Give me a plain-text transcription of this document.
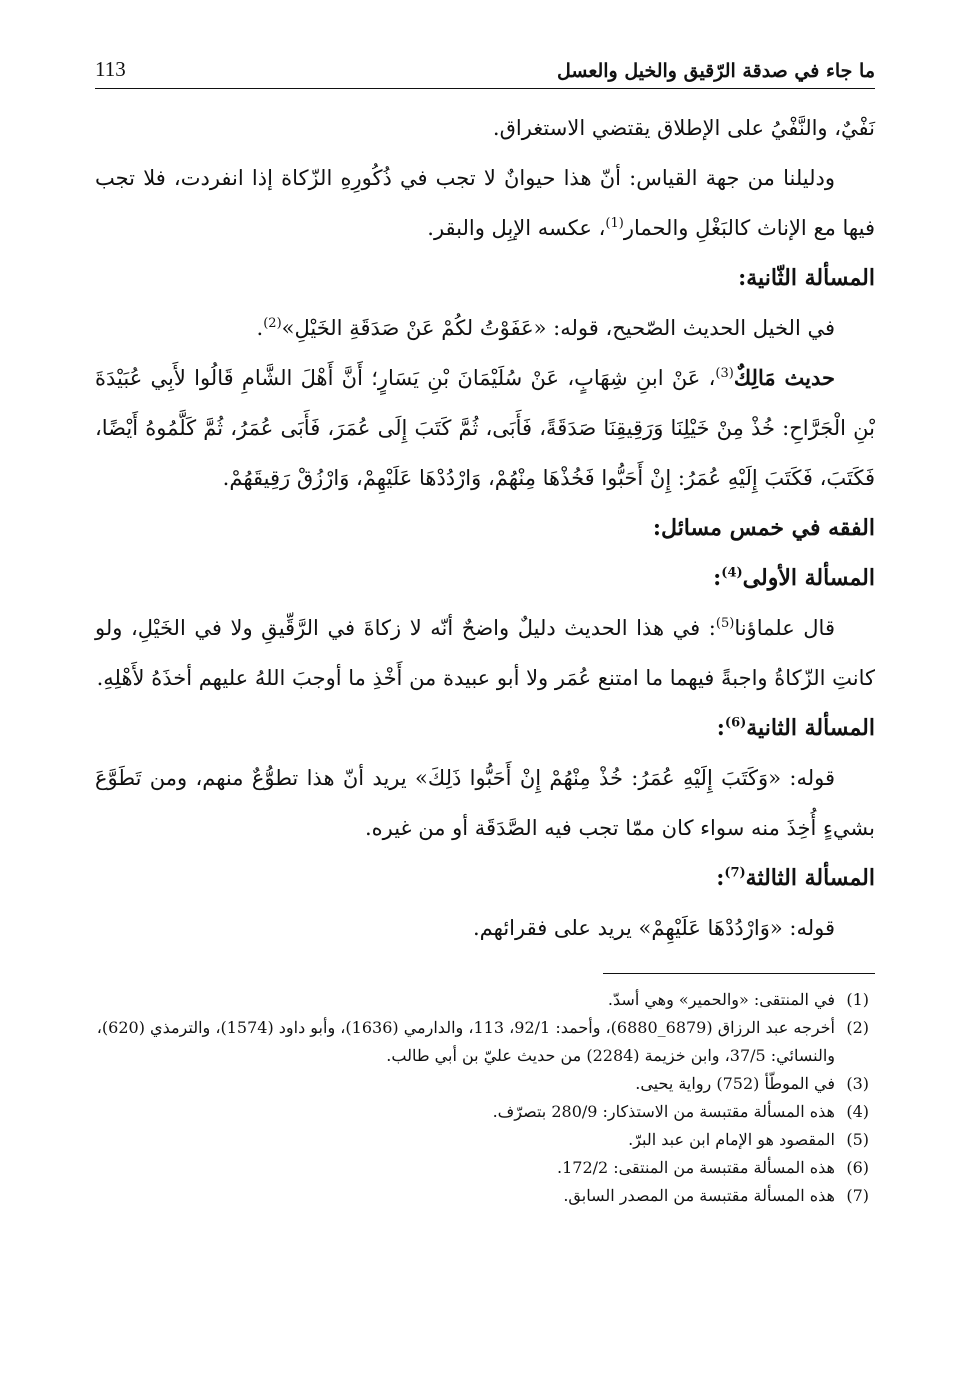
ما جاء في صدقة الرّقيق والخيل والعسل
113

نَفْيٌ، والنَّفْيُ على الإطلاق يقتضي الاستغراق.

ودليلنا من جهة القياس: أنّ هذا حيوانٌ لا تجب في ذُكُورِهِ الزّكاة إذا انفردت، فلا تجب فيها مع الإناث كالبَغْلِ والحمار$^{(1)}$، عكسه الإبِل والبقر.

المسألة الثّانية:

في الخيل الحديث الصّحيح، قوله: «عَفَوْتُ لكُمْ عَنْ صَدَقَةِ الخَيْلِ»$^{(2)}$.

حديث مَالِكٌ$^{(3)}$، عَنْ ابنِ شِهَابٍ، عَنْ سُلَيْمَانَ بْنِ يَسَارٍ؛ أَنَّ أَهْلَ الشَّامِ قَالُوا لأَبِي عُبَيْدَةَ بْنِ الْجَرَّاحِ: خُذْ مِنْ خَيْلِنَا وَرَقِيقِنَا صَدَقَةً، فَأَبَى، ثُمَّ كَتَبَ إِلَى عُمَرَ، فَأَبَى عُمَرُ، ثُمَّ كَلَّمُوهُ أَيْضًا، فَكَتَبَ، فَكَتَبَ إِلَيْهِ عُمَرُ: إِنْ أَحَبُّوا فَخُذْهَا مِنْهُمْ، وَارْدُدْهَا عَلَيْهِمْ، وَارْزُقْ رَقِيقَهُمْ.

الفقه في خمس مسائل:

المسألة الأولى$^{(4)}$:

قال علماؤنا$^{(5)}$: في هذا الحديث دليلٌ واضحٌ أنّه لا زكاةَ في الرَّقِّيقِ ولا في الخَيْلِ، ولو كانتِ الزّكاةُ واجبةً فيهما ما امتنع عُمَر ولا أبو عبيدة من أَخْذِ ما أوجبَ اللهُ عليهم أخذَهُ لأَهْلِهِ.

المسألة الثانية$^{(6)}$:

قوله: «وَكَتَبَ إِلَيْهِ عُمَرُ: خُذْ مِنْهُمْ إِنْ أَحَبُّوا ذَلِكَ» يريد أنّ هذا تطوُّعٌ منهم، ومن تَطَوَّعَ بشيءٍ أُخِذَ منه سواء كان ممّا تجب فيه الصَّدَقَة أو من غيره.

المسألة الثالثة$^{(7)}$:

قوله: «وَارْدُدْهَا عَلَيْهِمْ» يريد على فقرائهم.

(1)
في المنتقى: «والحمير» وهي أسدّ.
(2)
أخرجه عبد الرزاق (6879_6880)، وأحمد: 92/1، 113، والدارمي (1636)، وأبو داود (1574)، والترمذي (620)، والنسائي: 37/5، وابن خزيمة (2284) من حديث عليّ بن أبي طالب.
(3)
في الموطّأ (752) رواية يحيى.
(4)
هذه المسألة مقتبسة من الاستذكار: 280/9 بتصرّف.
(5)
المقصود هو الإمام ابن عبد البرّ.
(6)
هذه المسألة مقتبسة من المنتقى: 172/2.
(7)
هذه المسألة مقتبسة من المصدر السابق.
